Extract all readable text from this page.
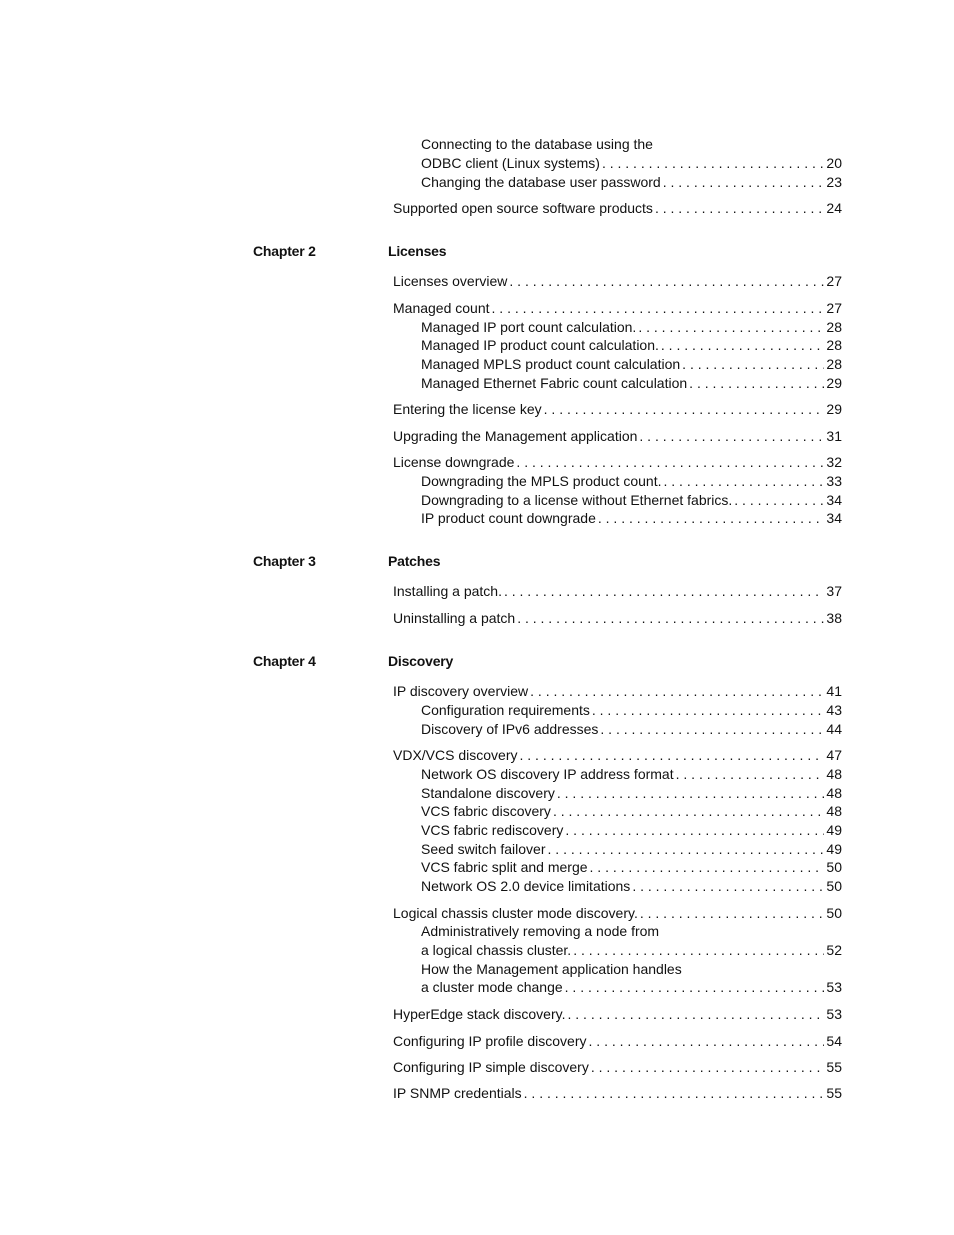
Connecting to the database using the
ODBC client (Linux systems) . . .	20
Changing the database user password . . .	23
Supported open source software products . . .	24
Chapter 2	Licenses
Licenses overview . . .	27
Managed count . . .	27
Managed IP port count calculation. . . .	28
Managed IP product count calculation. . . .	28
Managed MPLS product count calculation . . .	28
Managed Ethernet Fabric count calculation . . .	29
Entering the license key . . .	29
Upgrading the Management application . . .	31
License downgrade . . .	32
Downgrading the MPLS product count. . . .	33
Downgrading to a license without Ethernet fabrics. . . .	34
IP product count downgrade . . .	34
Chapter 3	Patches
Installing a patch. . . .	37
Uninstalling a patch . . .	38
Chapter 4	Discovery
IP discovery overview . . .	41
Configuration requirements . . .	43
Discovery of IPv6 addresses . . .	44
VDX/VCS discovery . . .	47
Network OS discovery IP address format . . .	48
Standalone discovery . . .	48
VCS fabric discovery . . .	48
VCS fabric rediscovery . . .	49
Seed switch failover . . .	49
VCS fabric split and merge . . .	50
Network OS 2.0 device limitations . . .	50
Logical chassis cluster mode discovery. . . .	50
Administratively removing a node from
a logical chassis cluster. . . .	52
How the Management application handles
a cluster mode change . . .	53
HyperEdge stack discovery. . . .	53
Configuring IP profile discovery . . .	54
Configuring IP simple discovery . . .	55
IP SNMP credentials . . .	55
